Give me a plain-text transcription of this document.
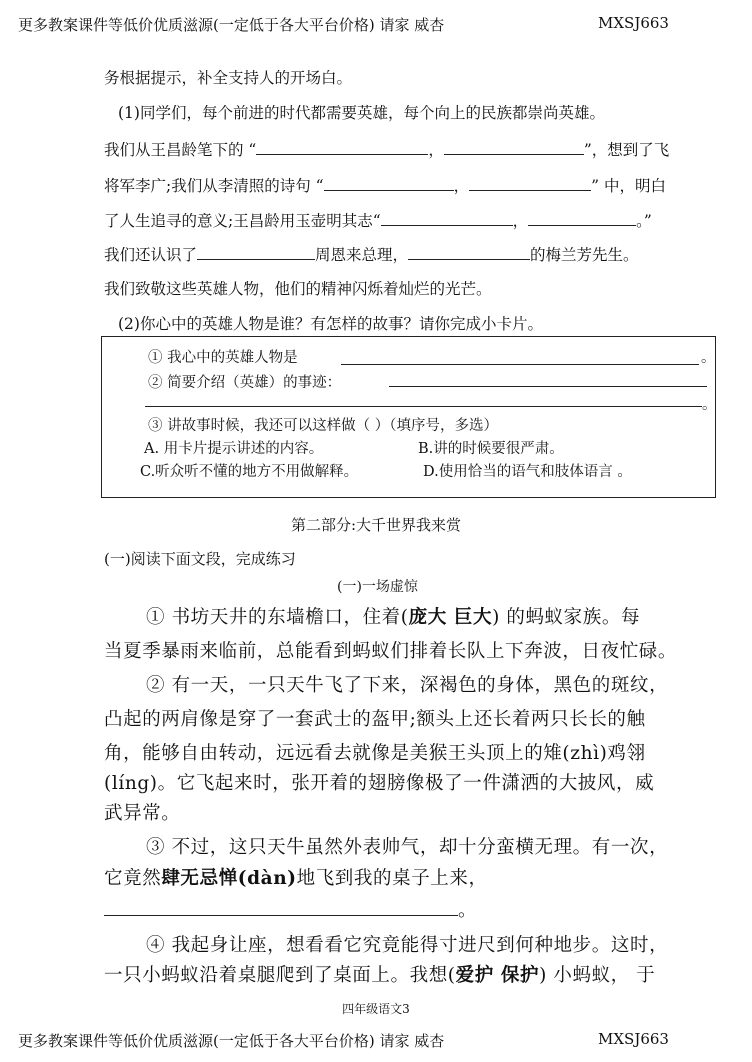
更多教案课件等低价优质滋源(一定低于各大平台价格) 请家 威杏	MXSJ663
务根据提示，补全支持人的开场白。
(1)同学们，每个前进的时代都需要英雄，每个向上的民族都崇尚英雄。
我们从王昌龄笔下的 “	，	”，想到了飞
将军李广;我们从李清照的诗句 “	，	” 中，明白
了人生追寻的意义;王昌龄用玉壶明其志“	，	。”
我们还认识了	周恩来总理，	的梅兰芳先生。
我们致敬这些英雄人物，他们的精神闪烁着灿烂的光芒。
(2)你心中的英雄人物是谁？有怎样的故事？请你完成小卡片。
① 我心中的英雄人物是	。
② 简要介绍（英雄）的事迹：
。
③ 讲故事时候，我还可以这样做（ ）（填序号，多选）
A. 用卡片提示讲述的内容。	B.讲的时候要很严肃。
C.听众听不懂的地方不用做解释。	D.使用恰当的语气和肢体语言 。
第二部分:大千世界我来赏
(一)阅读下面文段，完成练习
(一)一场虚惊
① 书坊天井的东墙檐口，住着(庞大 巨大) 的蚂蚁家族。每
当夏季暴雨来临前，总能看到蚂蚁们排着长队上下奔波，日夜忙碌。
② 有一天，一只天牛飞了下来，深褐色的身体，黑色的斑纹，
凸起的两肩像是穿了一套武士的盔甲;额头上还长着两只长长的触
角，能够自由转动，远远看去就像是美猴王头顶上的雉(zhì)鸡翎
(líng)。它飞起来时，张开着的翅膀像极了一件潇洒的大披风，威
武异常。
③ 不过，这只天牛虽然外表帅气，却十分蛮横无理。有一次，
它竟然肆无忌惮(dàn)地飞到我的桌子上来，
。
④ 我起身让座，想看看它究竟能得寸进尺到何种地步。这时，
一只小蚂蚁沿着桌腿爬到了桌面上。我想(爱护 保护) 小蚂蚁， 于
四年级语文3
更多教案课件等低价优质滋源(一定低于各大平台价格) 请家 威杏	MXSJ663
